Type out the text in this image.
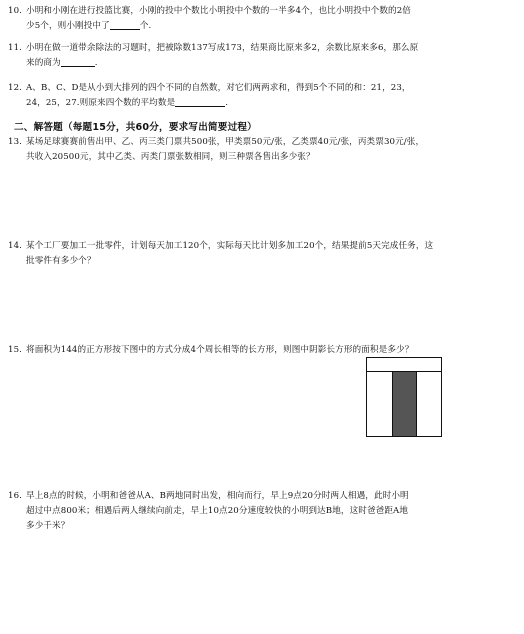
10. 小明和小刚在进行投篮比赛，小刚的投中个数比小明投中个数的一半多4个，也比小明投中个数的2倍
少5个，则小刚投中了	个.
11. 小明在做一道带余除法的习题时，把被除数137写成173，结果商比原来多2，余数比原来多6，那么原
来的商为	.
12. A、B、C、D是从小到大排列的四个不同的自然数，对它们两两求和，得到5个不同的和：21，23，
24，25，27.则原来四个数的平均数是	.
二、解答题（每题15分，共60分，要求写出简要过程）
13. 某场足球赛赛前售出甲、乙、丙三类门票共500张，甲类票50元/张，乙类票40元/张，丙类票30元/张，
共收入20500元，其中乙类、丙类门票张数相同，则三种票各售出多少张？
14. 某个工厂要加工一批零件，计划每天加工120个，实际每天比计划多加工20个，结果提前5天完成任务，这
批零件有多少个？
15. 将面积为144的正方形按下图中的方式分成4个周长相等的长方形，则图中阴影长方形的面积是多少？
16. 早上8点的时候，小明和爸爸从A、B两地同时出发，相向而行，早上9点20分时两人相遇，此时小明
超过中点800米；相遇后两人继续向前走，早上10点20分速度较快的小明到达B地，这时爸爸距A地
多少千米？
